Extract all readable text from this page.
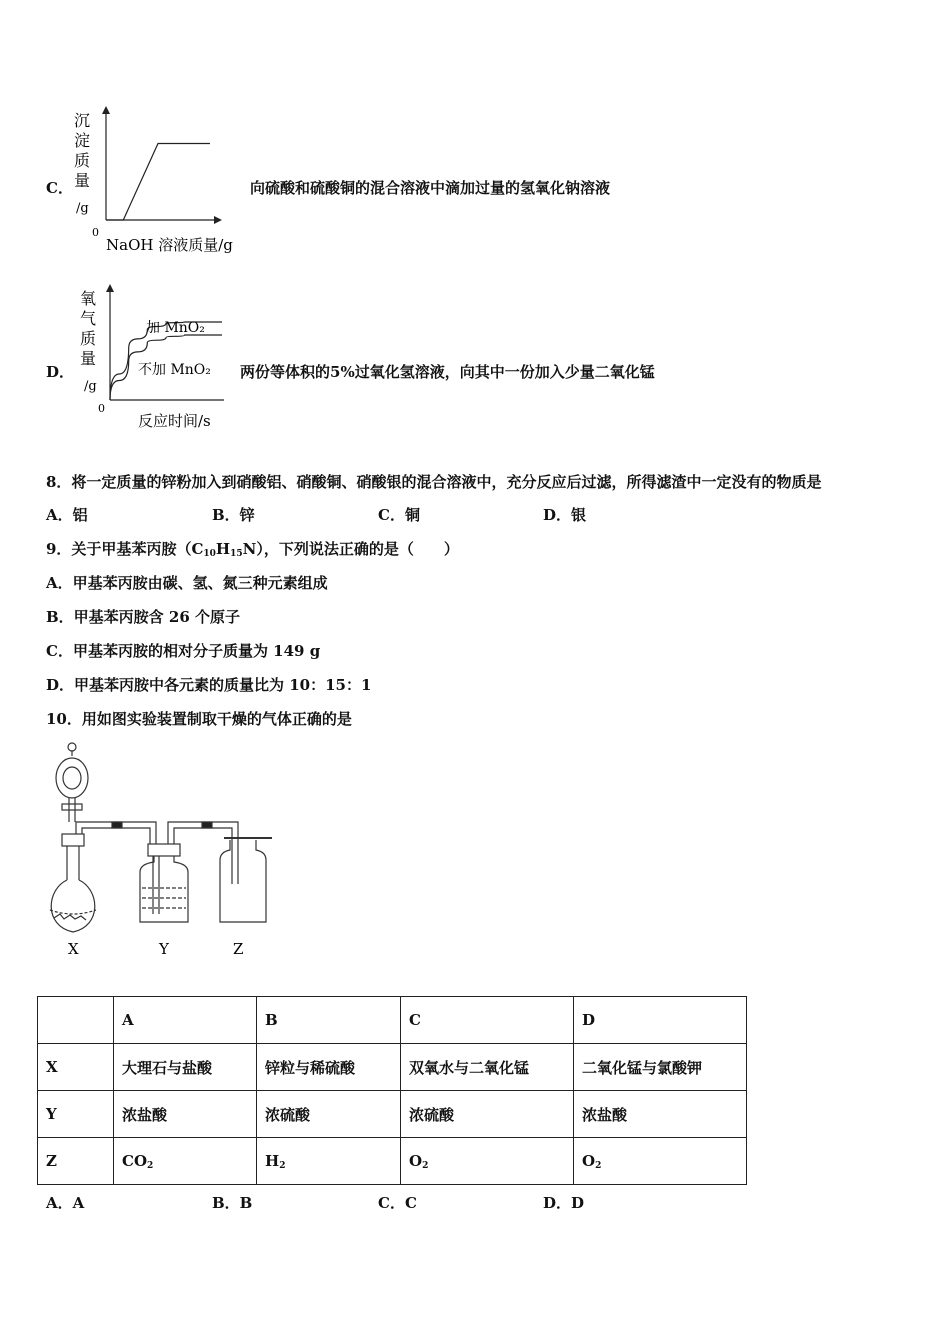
C．
沉
淀
质
量
/g
0
NaOH 溶液质量/g
向硫酸和硫酸铜的混合溶液中滴加过量的氢氧化钠溶液
D．
氧
气
质
量
/g
0
反应时间/s
加 MnO₂
不加 MnO₂ 两份等体积的5%过氧化氢溶液，向其中一份加入少量二氧化锰
8．将一定质量的锌粉加入到硝酸铝、硝酸铜、硝酸银的混合溶液中，充分反应后过滤，所得滤渣中一定没有的物质是
A．铝	B．锌	C．铜	D．银
9．关于甲基苯丙胺$(C_{10}H_{15}N)$，下列说法正确的是（　　）
A．甲基苯丙胺由碳、氢、氮三种元素组成
B．甲基苯丙胺含 26 个原子
C．甲基苯丙胺的相对分子质量为 149 g
D．甲基苯丙胺中各元素的质量比为 10：15：1
10．用如图实验装置制取干燥的气体正确的是
X	Y	Z
	A	B	C	D
X	大理石与盐酸	锌粒与稀硫酸	双氧水与二氧化锰	二氧化锰与氯酸钾
Y	浓盐酸	浓硫酸	浓硫酸	浓盐酸
Z	$CO_2$	$H_2$	$O_2$	$O_2$
A．A	B．B	C．C	D．D
